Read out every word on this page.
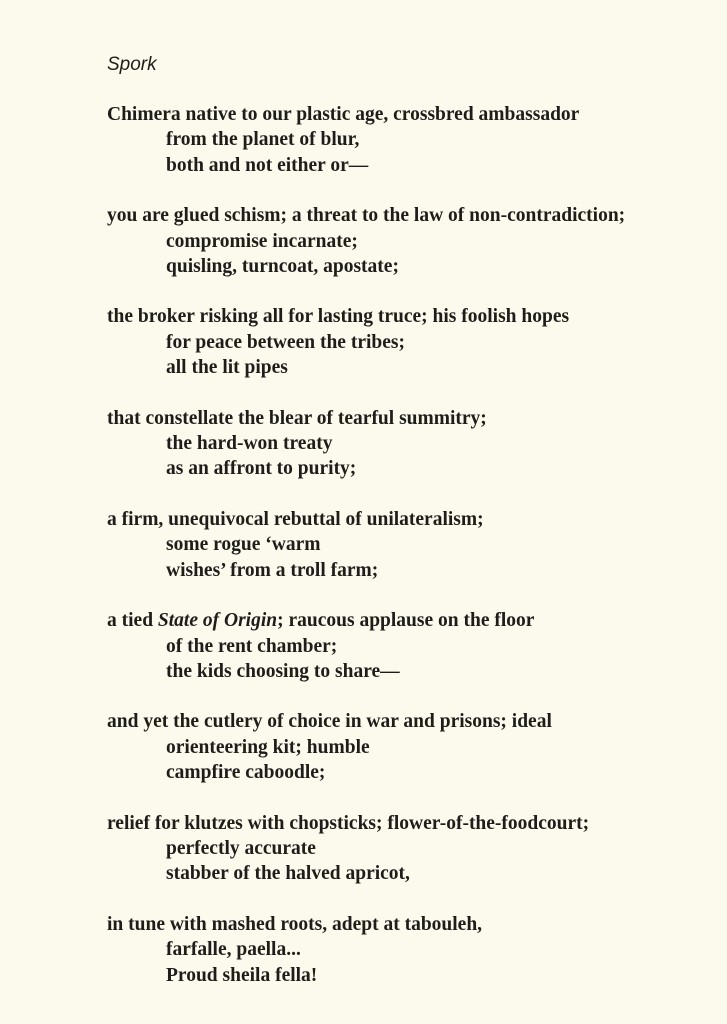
Spork
Chimera native to our plastic age, crossbred ambassador
from the planet of blur,
both and not either or—
you are glued schism; a threat to the law of non-contradiction;
compromise incarnate;
quisling, turncoat, apostate;
the broker risking all for lasting truce; his foolish hopes
for peace between the tribes;
all the lit pipes
that constellate the blear of tearful summitry;
the hard-won treaty
as an affront to purity;
a firm, unequivocal rebuttal of unilateralism;
some rogue ‘warm
wishes’ from a troll farm;
a tied State of Origin; raucous applause on the floor
of the rent chamber;
the kids choosing to share—
and yet the cutlery of choice in war and prisons; ideal
orienteering kit; humble
campfire caboodle;
relief for klutzes with chopsticks; flower-of-the-foodcourt;
perfectly accurate
stabber of the halved apricot,
in tune with mashed roots, adept at tabouleh,
farfalle, paella...
Proud sheila fella!
